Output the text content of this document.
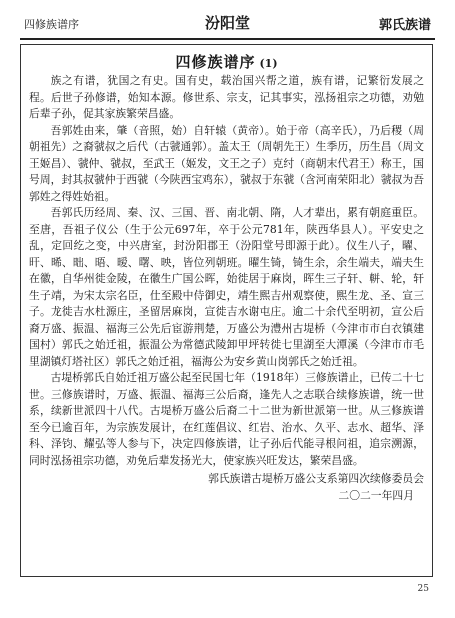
四修族谱序	汾阳堂	郭氏族谱
四修族谱序 (1)

族之有谱，犹国之有史。国有史，载治国兴帮之道，族有谱，记繁衍发展之程。后世子孙修谱，始知本源。修世系、宗支，记其事实，泓扬祖宗之功德，劝勉后辈子孙，促其家族繁荣昌盛。

吾郭姓由来，肇（音照，始）自轩辕（黄帝）。始于帝（高辛氏），乃后稷（周朝祖先）之裔虢叔之后代（古虢通郭）。盖太王（周朝先王）生季历，历生昌（周文王姬昌）、虢仲、虢叔，至武王（姬发，文王之子）克纣（商朝末代君王）称王，国号周，封其叔虢仲于西虢（今陕西宝鸡东），虢叔于东虢（含河南荣阳北）虢叔为吾郭姓之得姓始祖。

吾郭氏历经周、秦、汉、三国、晋、南北朝、隋，人才辈出，累有朝庭重臣。至唐，吾祖子仪公（生于公元697年，卒于公元781年，陕西华县人）。平安史之乱，定回纥之变，中兴唐室，封汾阳郡王（汾阳堂号即源于此）。仪生八子，曜、旰、晞、昢、晤、暧、曙、映，皆位列朝班。曜生锜，锜生余，余生端夫，端夫生在徽，自华州徙金陵，在徽生广国公晖，始徙居于麻岗，晖生三子轩、軿、轮，轩生子靖，为宋太宗名臣，仕至殿中侍御史，靖生熙吉州观察使，熙生龙、圣、宣三子。龙徙吉水杜源庄，圣留居麻岗，宣徙吉水谢屯庄。逾二十余代至明初，宣公后裔万盛、振温、福海三公先后宦游荆楚，万盛公为澧州古堤桥（今津市市白衣镇建国村）郭氏之始迁祖，振温公为常德武陵卸甲坪转徙七里湖至大潭溪（今津市市毛里湖镇灯塔社区）郭氏之始迁祖，福海公为安乡黄山岗郭氏之始迁祖。

古堤桥郭氏自始迁祖万盛公起至民国七年（1918年）三修族谱止，已传二十七世。三修族谱时，万盛、振温、福海三公后裔，逢先人之志联合续修族谱，统一世系，续新世派四十八代。古堤桥万盛公后裔二十二世为新世派第一世。从三修族谱至今已逾百年，为宗族发展计，在红莲倡议、红岩、治水、久平、志水、超华、泽科、泽钧、耀弘等人参与下，决定四修族谱，让子孙后代能寻根问祖，追宗溯源，同时泓扬祖宗功德，劝免后辈发扬光大，使家族兴旺发达，繁荣昌盛。

郭氏族谱古堤桥万盛公支系第四次续修委员会
二〇二一年四月
25
